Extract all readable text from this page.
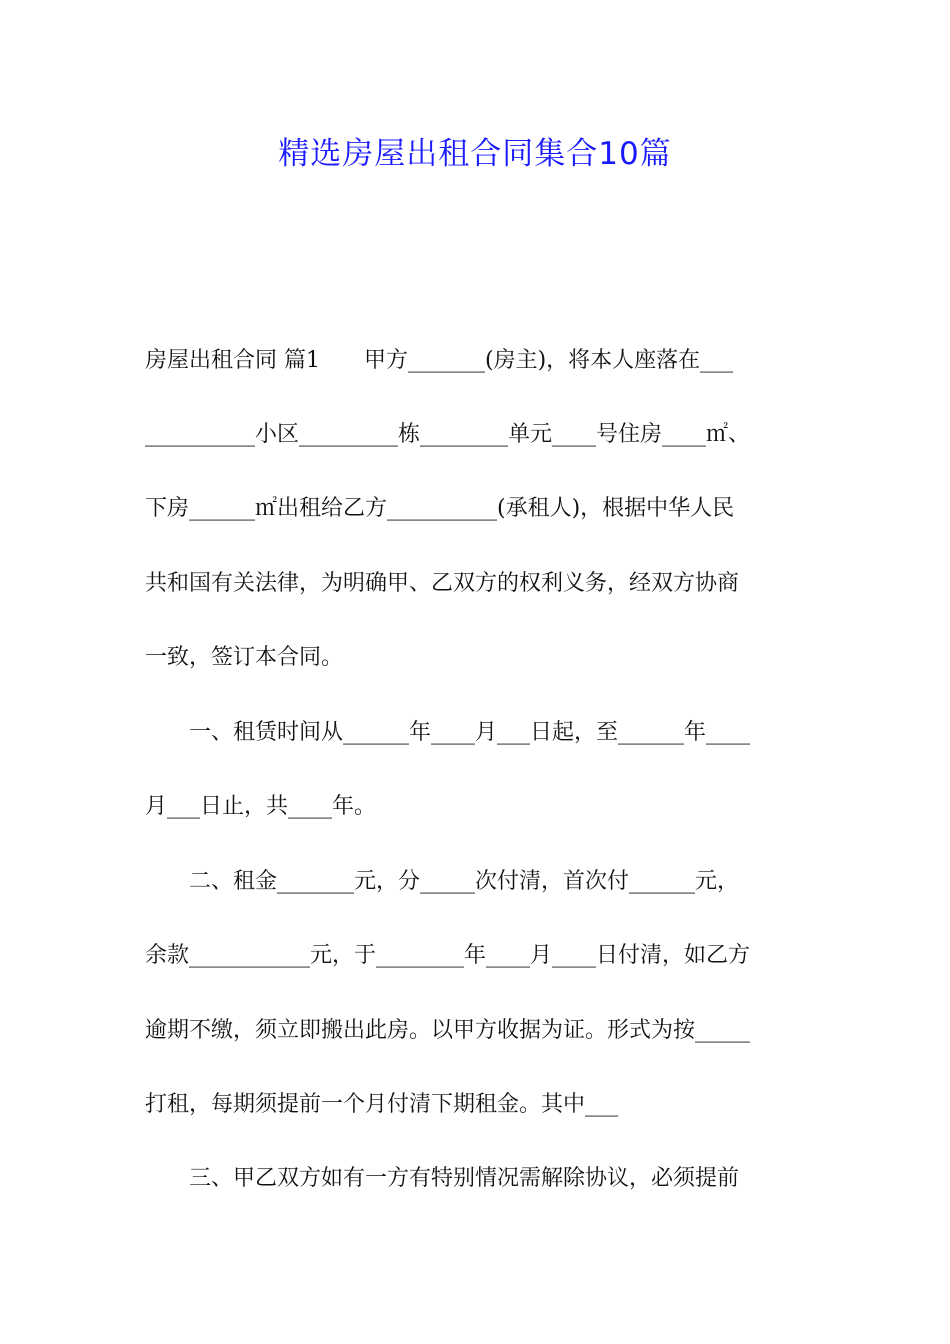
精选房屋出租合同集合10篇

房屋出租合同 篇1　　甲方_______(房主)，将本人座落在___

__________小区_________栋________单元____号住房____㎡、

下房______㎡出租给乙方__________(承租人)，根据中华人民

共和国有关法律，为明确甲、乙双方的权利义务，经双方协商

一致，签订本合同。

　　一、租赁时间从______年____月___日起，至______年____

月___日止，共____年。

　　二、租金_______元，分_____次付清，首次付______元，

余款___________元，于________年____月____日付清，如乙方

逾期不缴，须立即搬出此房。以甲方收据为证。形式为按_____

打租，每期须提前一个月付清下期租金。其中___

　　三、甲乙双方如有一方有特别情况需解除协议，必须提前
